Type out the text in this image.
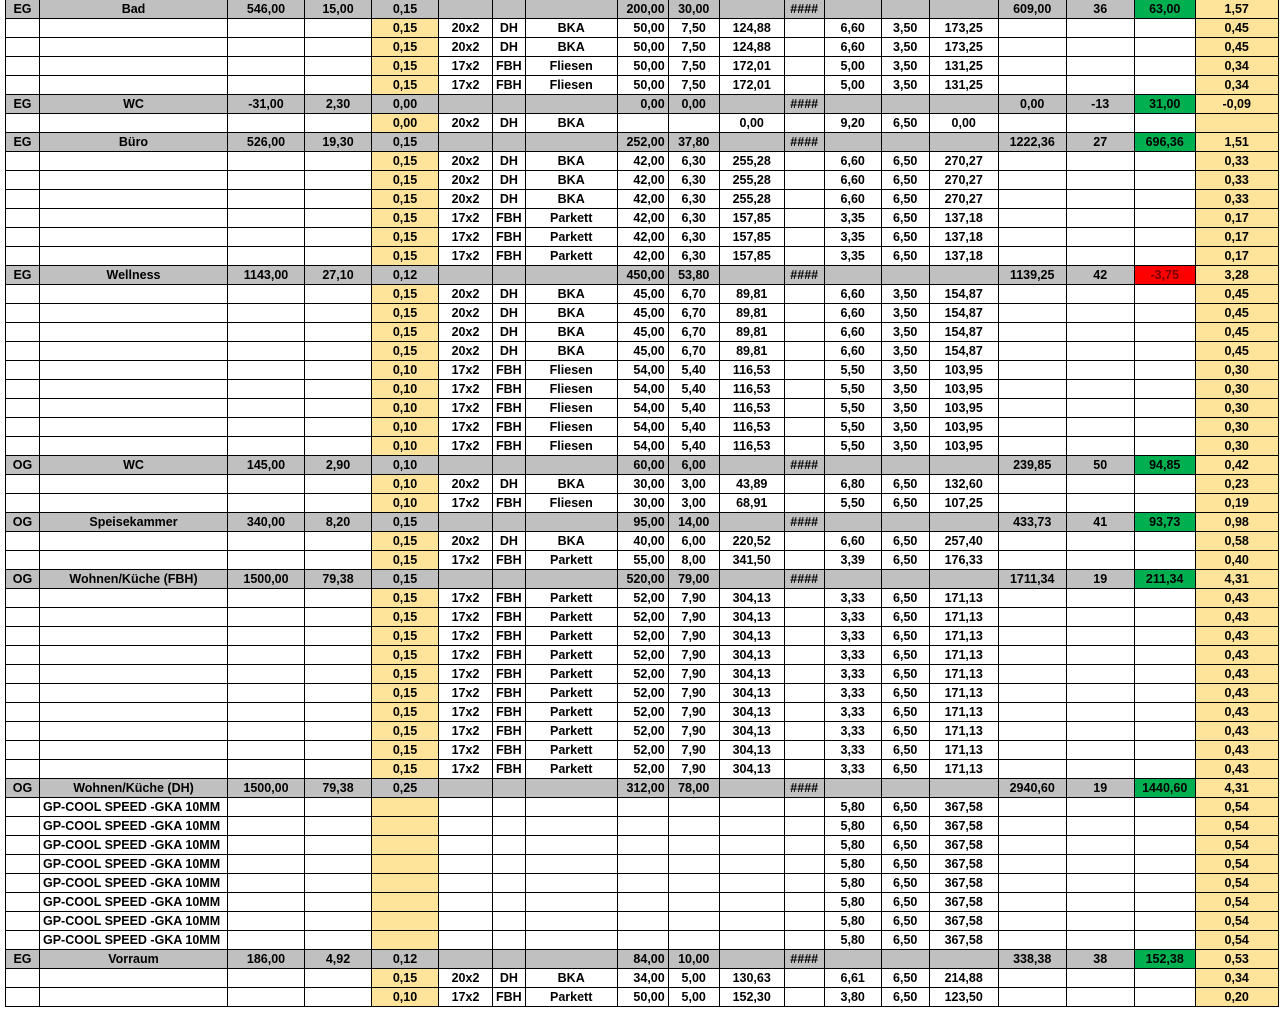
EG	Bad	546,00	15,00	0,15				200,00	30,00		####				609,00	36	63,00	1,57
				0,15	20x2	DH	BKA	50,00	7,50	124,88		6,60	3,50	173,25				0,45
				0,15	20x2	DH	BKA	50,00	7,50	124,88		6,60	3,50	173,25				0,45
				0,15	17x2	FBH	Fliesen	50,00	7,50	172,01		5,00	3,50	131,25				0,34
				0,15	17x2	FBH	Fliesen	50,00	7,50	172,01		5,00	3,50	131,25				0,34
EG	WC	-31,00	2,30	0,00				0,00	0,00		####				0,00	-13	31,00	-0,09
				0,00	20x2	DH	BKA			0,00		9,20	6,50	0,00				
EG	Büro	526,00	19,30	0,15				252,00	37,80		####				1222,36	27	696,36	1,51
				0,15	20x2	DH	BKA	42,00	6,30	255,28		6,60	6,50	270,27				0,33
				0,15	20x2	DH	BKA	42,00	6,30	255,28		6,60	6,50	270,27				0,33
				0,15	20x2	DH	BKA	42,00	6,30	255,28		6,60	6,50	270,27				0,33
				0,15	17x2	FBH	Parkett	42,00	6,30	157,85		3,35	6,50	137,18				0,17
				0,15	17x2	FBH	Parkett	42,00	6,30	157,85		3,35	6,50	137,18				0,17
				0,15	17x2	FBH	Parkett	42,00	6,30	157,85		3,35	6,50	137,18				0,17
EG	Wellness	1143,00	27,10	0,12				450,00	53,80		####				1139,25	42	-3,75	3,28
				0,15	20x2	DH	BKA	45,00	6,70	89,81		6,60	3,50	154,87				0,45
				0,15	20x2	DH	BKA	45,00	6,70	89,81		6,60	3,50	154,87				0,45
				0,15	20x2	DH	BKA	45,00	6,70	89,81		6,60	3,50	154,87				0,45
				0,15	20x2	DH	BKA	45,00	6,70	89,81		6,60	3,50	154,87				0,45
				0,10	17x2	FBH	Fliesen	54,00	5,40	116,53		5,50	3,50	103,95				0,30
				0,10	17x2	FBH	Fliesen	54,00	5,40	116,53		5,50	3,50	103,95				0,30
				0,10	17x2	FBH	Fliesen	54,00	5,40	116,53		5,50	3,50	103,95				0,30
				0,10	17x2	FBH	Fliesen	54,00	5,40	116,53		5,50	3,50	103,95				0,30
				0,10	17x2	FBH	Fliesen	54,00	5,40	116,53		5,50	3,50	103,95				0,30
OG	WC	145,00	2,90	0,10				60,00	6,00		####				239,85	50	94,85	0,42
				0,10	20x2	DH	BKA	30,00	3,00	43,89		6,80	6,50	132,60				0,23
				0,10	17x2	FBH	Fliesen	30,00	3,00	68,91		5,50	6,50	107,25				0,19
OG	Speisekammer	340,00	8,20	0,15				95,00	14,00		####				433,73	41	93,73	0,98
				0,15	20x2	DH	BKA	40,00	6,00	220,52		6,60	6,50	257,40				0,58
				0,15	17x2	FBH	Parkett	55,00	8,00	341,50		3,39	6,50	176,33				0,40
OG	Wohnen/Küche (FBH)	1500,00	79,38	0,15				520,00	79,00		####				1711,34	19	211,34	4,31
				0,15	17x2	FBH	Parkett	52,00	7,90	304,13		3,33	6,50	171,13				0,43
				0,15	17x2	FBH	Parkett	52,00	7,90	304,13		3,33	6,50	171,13				0,43
				0,15	17x2	FBH	Parkett	52,00	7,90	304,13		3,33	6,50	171,13				0,43
				0,15	17x2	FBH	Parkett	52,00	7,90	304,13		3,33	6,50	171,13				0,43
				0,15	17x2	FBH	Parkett	52,00	7,90	304,13		3,33	6,50	171,13				0,43
				0,15	17x2	FBH	Parkett	52,00	7,90	304,13		3,33	6,50	171,13				0,43
				0,15	17x2	FBH	Parkett	52,00	7,90	304,13		3,33	6,50	171,13				0,43
				0,15	17x2	FBH	Parkett	52,00	7,90	304,13		3,33	6,50	171,13				0,43
				0,15	17x2	FBH	Parkett	52,00	7,90	304,13		3,33	6,50	171,13				0,43
				0,15	17x2	FBH	Parkett	52,00	7,90	304,13		3,33	6,50	171,13				0,43
OG	Wohnen/Küche (DH)	1500,00	79,38	0,25				312,00	78,00		####				2940,60	19	1440,60	4,31
	GP-COOL SPEED -GKA 10MM											5,80	6,50	367,58				0,54
	GP-COOL SPEED -GKA 10MM											5,80	6,50	367,58				0,54
	GP-COOL SPEED -GKA 10MM											5,80	6,50	367,58				0,54
	GP-COOL SPEED -GKA 10MM											5,80	6,50	367,58				0,54
	GP-COOL SPEED -GKA 10MM											5,80	6,50	367,58				0,54
	GP-COOL SPEED -GKA 10MM											5,80	6,50	367,58				0,54
	GP-COOL SPEED -GKA 10MM											5,80	6,50	367,58				0,54
	GP-COOL SPEED -GKA 10MM											5,80	6,50	367,58				0,54
EG	Vorraum	186,00	4,92	0,12				84,00	10,00		####				338,38	38	152,38	0,53
				0,15	20x2	DH	BKA	34,00	5,00	130,63		6,61	6,50	214,88				0,34
				0,10	17x2	FBH	Parkett	50,00	5,00	152,30		3,80	6,50	123,50				0,20
